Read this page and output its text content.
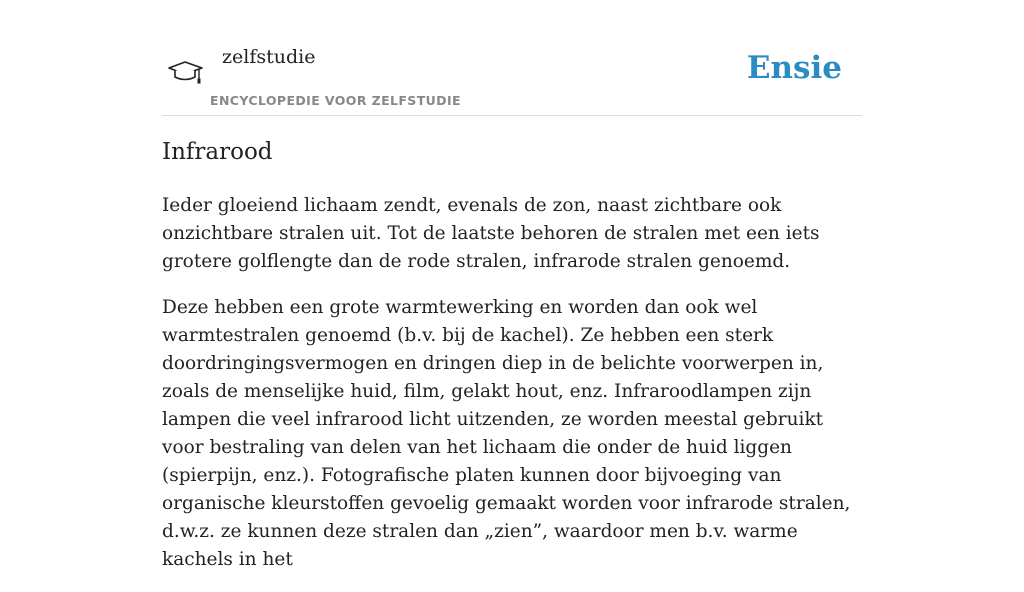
zelfstudie
ENCYCLOPEDIE VOOR ZELFSTUDIE
Ensie
Infrarood

Ieder gloeiend lichaam zendt, evenals de zon, naast zichtbare ook onzichtbare stralen uit. Tot de laatste behoren de stralen met een iets grotere golflengte dan de rode stralen, infrarode stralen genoemd.

Deze hebben een grote warmtewerking en worden dan ook wel warmtestralen genoemd (b.v. bij de kachel). Ze hebben een sterk doordringingsvermogen en dringen diep in de belichte voorwerpen in, zoals de menselijke huid, film, gelakt hout, enz. Infraroodlampen zijn lampen die veel infrarood licht uitzenden, ze worden meestal gebruikt voor bestraling van delen van het lichaam die onder de huid liggen (spierpijn, enz.). Fotografische platen kunnen door bijvoeging van organische kleurstoffen gevoelig gemaakt worden voor infrarode stralen, d.w.z. ze kunnen deze stralen dan „zien”, waardoor men b.v. warme kachels in het
